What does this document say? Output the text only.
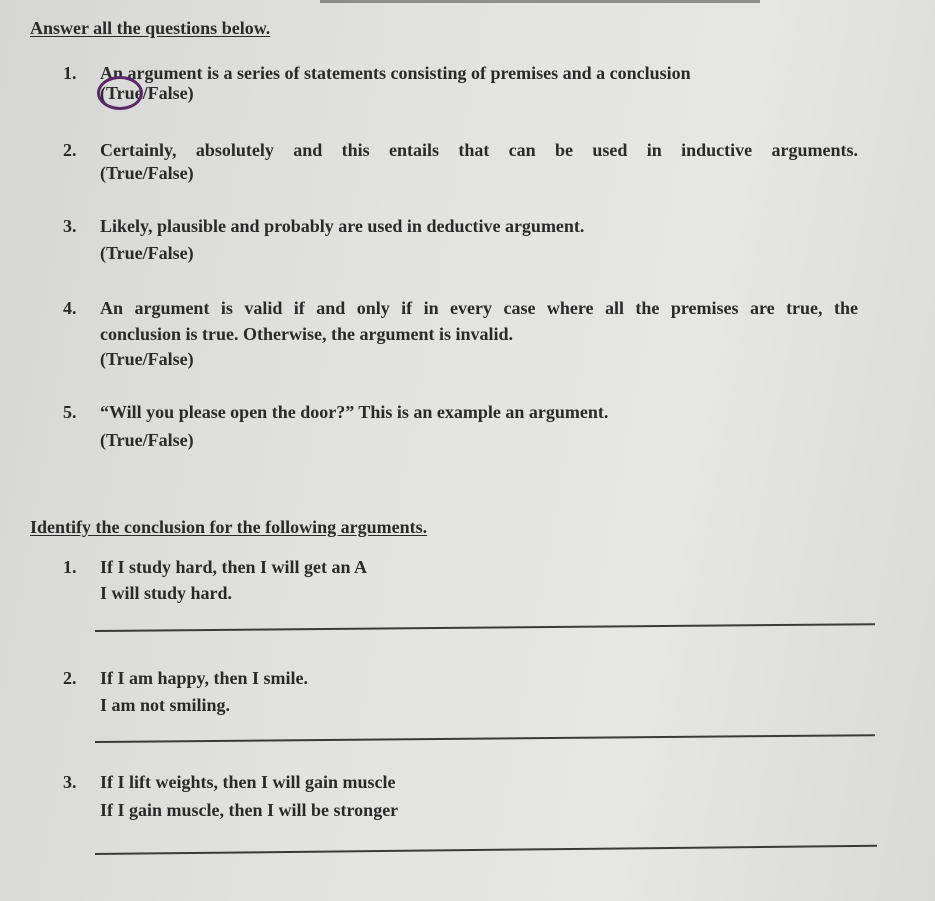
Answer all the questions below.
1. An argument is a series of statements consisting of premises and a conclusion
(True/False)
2. Certainly, absolutely and this entails that can be used in inductive arguments.
(True/False)
3. Likely, plausible and probably are used in deductive argument.
(True/False)
4. An argument is valid if and only if in every case where all the premises are true, the
conclusion is true. Otherwise, the argument is invalid.
(True/False)
5. “Will you please open the door?” This is an example an argument.
(True/False)
Identify the conclusion for the following arguments.
1. If I study hard, then I will get an A
I will study hard.
2. If I am happy, then I smile.
I am not smiling.
3. If I lift weights, then I will gain muscle
If I gain muscle, then I will be stronger
